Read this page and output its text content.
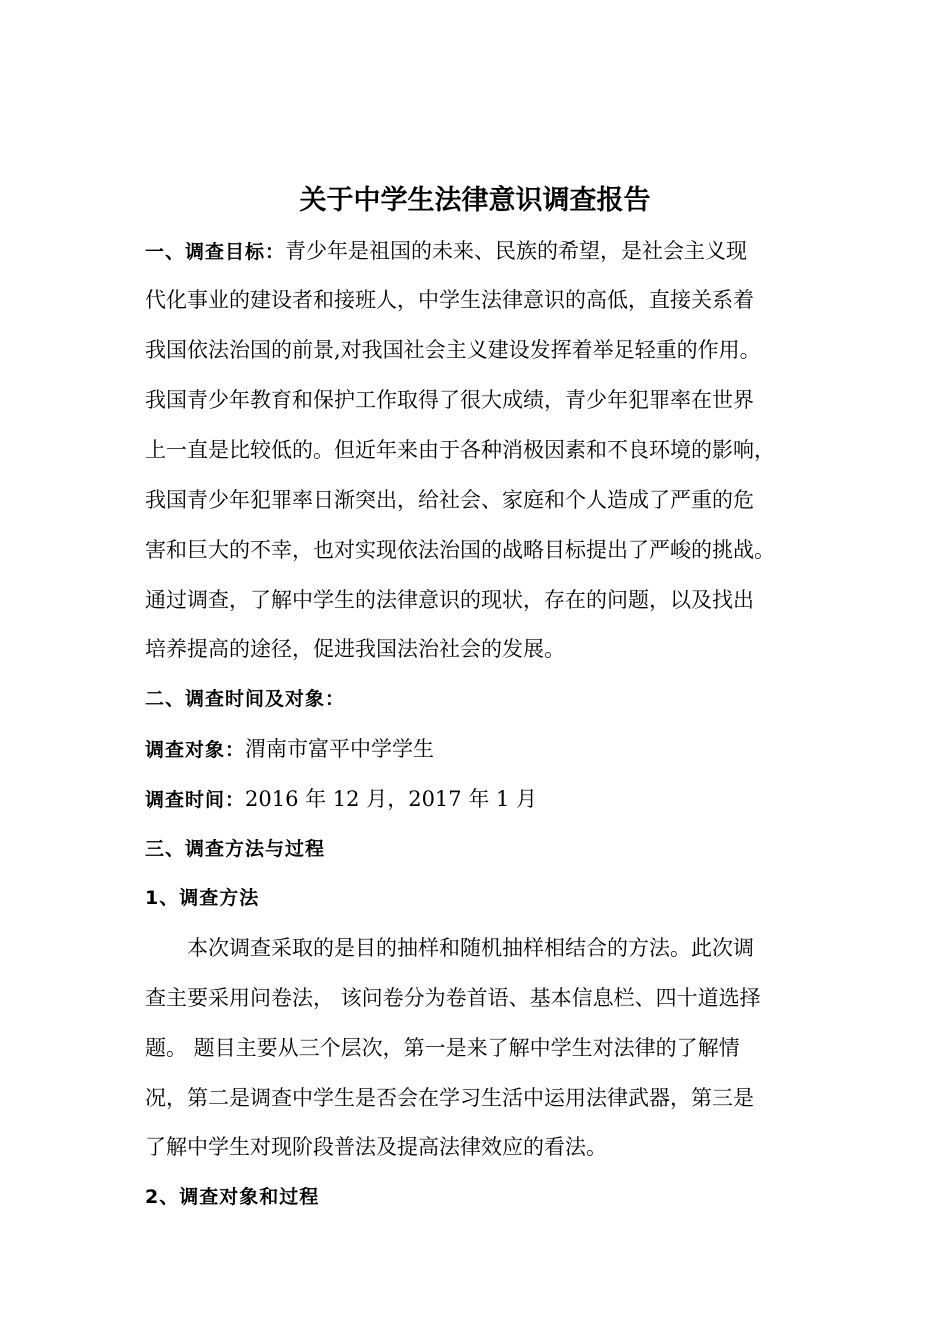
关于中学生法律意识调查报告
一、调查目标：青少年是祖国的未来、民族的希望，是社会主义现
代化事业的建设者和接班人，中学生法律意识的高低，直接关系着
我国依法治国的前景,对我国社会主义建设发挥着举足轻重的作用。
我国青少年教育和保护工作取得了很大成绩，青少年犯罪率在世界
上一直是比较低的。但近年来由于各种消极因素和不良环境的影响，
我国青少年犯罪率日渐突出，给社会、家庭和个人造成了严重的危
害和巨大的不幸，也对实现依法治国的战略目标提出了严峻的挑战。
通过调查，了解中学生的法律意识的现状，存在的问题，以及找出
培养提高的途径，促进我国法治社会的发展。
二、调查时间及对象：
调查对象：渭南市富平中学学生
调查时间：2016 年 12 月，2017 年 1 月
三、调查方法与过程
1、调查方法
本次调查采取的是目的抽样和随机抽样相结合的方法。此次调
查主要采用问卷法， 该问卷分为卷首语、基本信息栏、四十道选择
题。 题目主要从三个层次，第一是来了解中学生对法律的了解情
况，第二是调查中学生是否会在学习生活中运用法律武器，第三是
了解中学生对现阶段普法及提高法律效应的看法。
2、调查对象和过程
